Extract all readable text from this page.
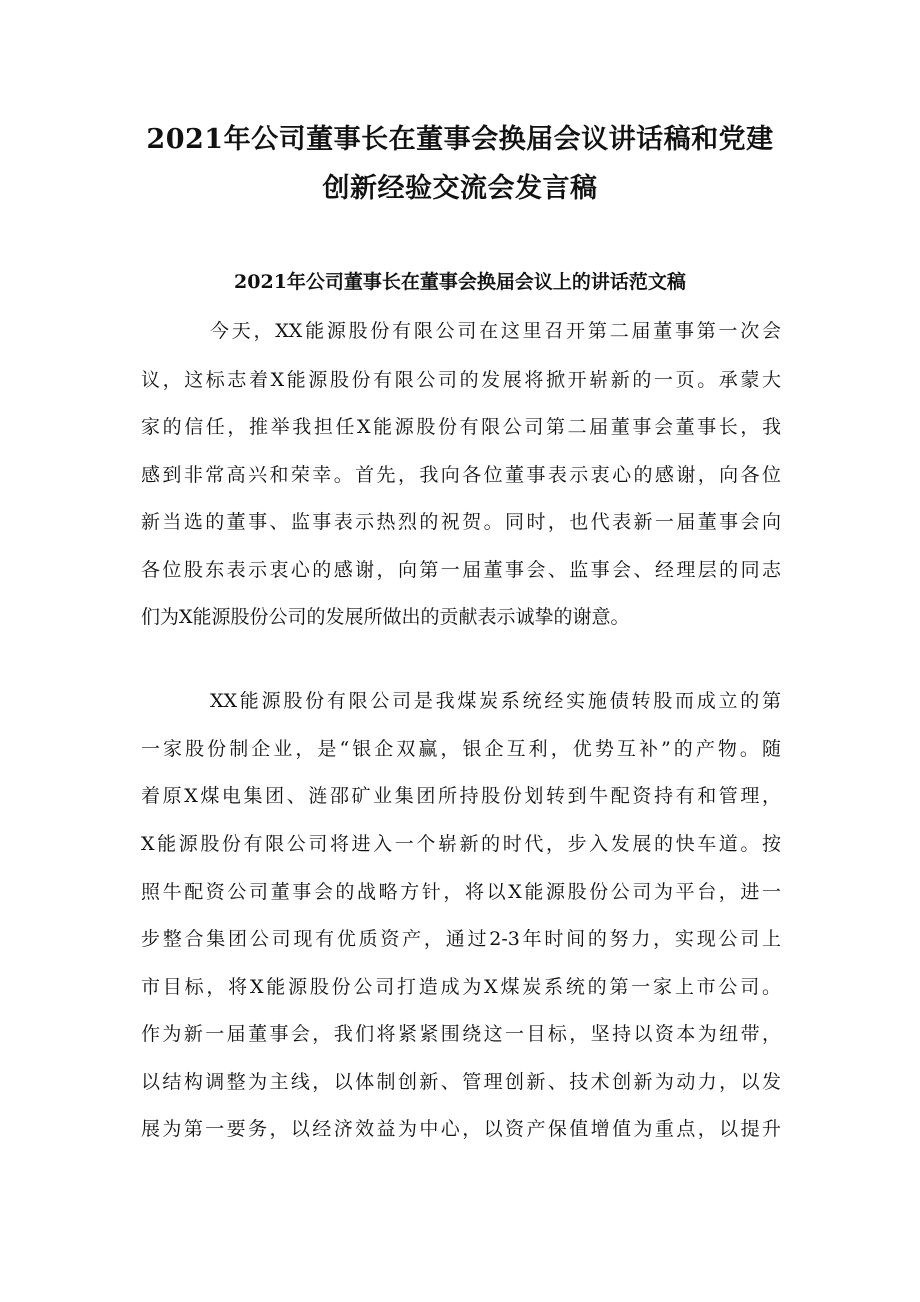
2021年公司董事长在董事会换届会议讲话稿和党建
创新经验交流会发言稿
2021年公司董事长在董事会换届会议上的讲话范文稿
今天，XX能源股份有限公司在这里召开第二届董事第一次会
议，这标志着X能源股份有限公司的发展将掀开崭新的一页。承蒙大
家的信任，推举我担任X能源股份有限公司第二届董事会董事长，我
感到非常高兴和荣幸。首先，我向各位董事表示衷心的感谢，向各位
新当选的董事、监事表示热烈的祝贺。同时，也代表新一届董事会向
各位股东表示衷心的感谢，向第一届董事会、监事会、经理层的同志
们为X能源股份公司的发展所做出的贡献表示诚挚的谢意。
XX能源股份有限公司是我煤炭系统经实施债转股而成立的第
一家股份制企业，是“银企双赢，银企互利，优势互补”的产物。随
着原X煤电集团、涟邵矿业集团所持股份划转到牛配资持有和管理，
X能源股份有限公司将进入一个崭新的时代，步入发展的快车道。按
照牛配资公司董事会的战略方针，将以X能源股份公司为平台，进一
步整合集团公司现有优质资产，通过2-3年时间的努力，实现公司上
市目标，将X能源股份公司打造成为X煤炭系统的第一家上市公司。
作为新一届董事会，我们将紧紧围绕这一目标，坚持以资本为纽带，
以结构调整为主线，以体制创新、管理创新、技术创新为动力，以发
展为第一要务，以经济效益为中心，以资产保值增值为重点，以提升
